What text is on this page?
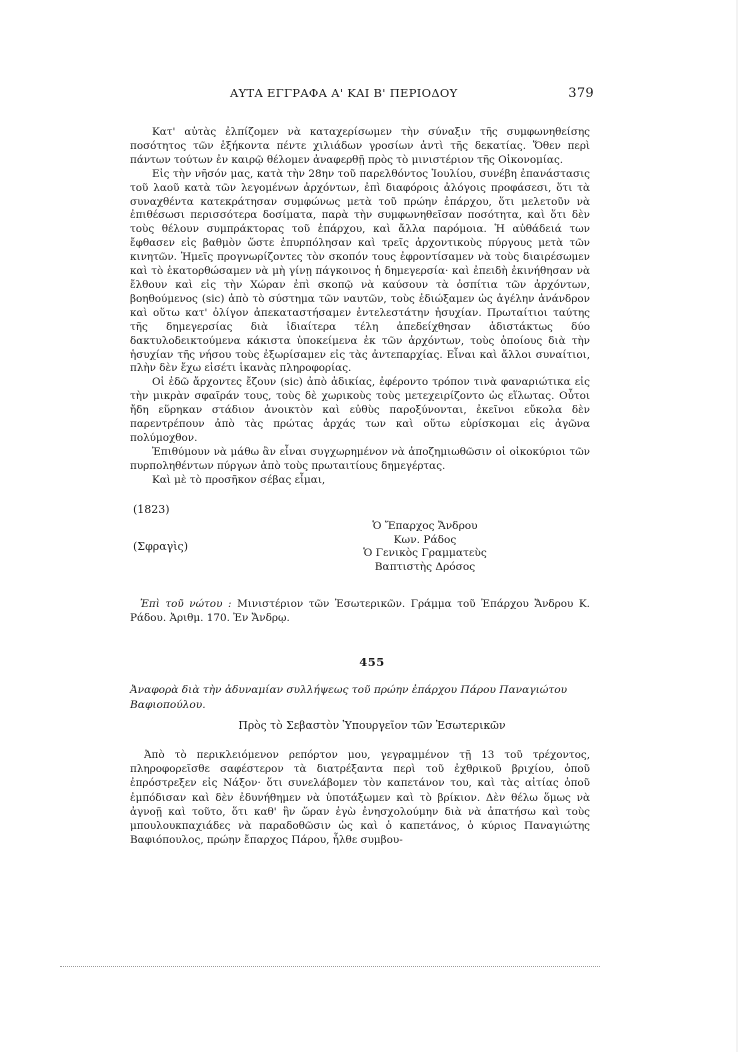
ΑΥΤΑ ΕΓΓΡΑΦΑ Α' ΚΑΙ Β' ΠΕΡΙΟΔΟΥ	379

Κατ' αὐτὰς ἐλπίζομεν νὰ καταχερίσωμεν τὴν σύναξιν τῆς συμφωνηθείσης ποσότητος τῶν ἑξήκοντα πέντε χιλιάδων γροσίων ἀντὶ τῆς δεκατίας. Ὅθεν περὶ πάντων τούτων ἐν καιρῷ θέλομεν ἀναφερθῇ πρὸς τὸ μινιστέριον τῆς Οἰκονομίας.

Εἰς τὴν νῆσόν μας, κατὰ τὴν 28ην τοῦ παρελθόντος Ἰουλίου, συνέβη ἐπανάστασις τοῦ λαοῦ κατὰ τῶν λεγομένων ἀρχόντων, ἐπὶ διαφόροις ἀλόγοις προφάσεσι, ὅτι τὰ συναχθέντα κατεκράτησαν συμφώνως μετὰ τοῦ πρώην ἐπάρχου, ὅτι μελετοῦν νὰ ἐπιθέσωσι περισσότερα δοσίματα, παρὰ τὴν συμφωνηθεῖσαν ποσότητα, καὶ ὅτι δὲν τοὺς θέλουν συμπράκτορας τοῦ ἐπάρχου, καὶ ἄλλα παρόμοια. Ἡ αὐθάδειά των ἔφθασεν εἰς βαθμὸν ὥστε ἐπυρπόλησαν καὶ τρεῖς ἀρχοντικοὺς πύργους μετὰ τῶν κινητῶν. Ἡμεῖς προγνωρίζοντες τὸν σκοπόν τους ἐφροντίσαμεν νὰ τοὺς διαιρέσωμεν καὶ τὸ ἑκατορθώσαμεν νὰ μὴ γίνῃ πάγκοινος ἡ δημεγερσία· καὶ ἐπειδὴ ἐκινήθησαν νὰ ἔλθουν καὶ εἰς τὴν Χώραν ἐπὶ σκοπῷ νὰ καύσουν τὰ ὀσπίτια τῶν ἀρχόντων, βοηθούμενος (sic) ἀπὸ τὸ σύστημα τῶν ναυτῶν, τοὺς ἐδιώξαμεν ὡς ἀγέλην ἀνάνδρον καὶ οὕτω κατ' ὀλίγον ἀπεκαταστήσαμεν ἐντελεστάτην ἡσυχίαν. Πρωταίτιοι ταύτης τῆς δημεγερσίας διὰ ἰδιαίτερα τέλη ἀπεδείχθησαν ἀδιστάκτως δύο δακτυλοδεικτούμενα κάκιστα ὑποκείμενα ἐκ τῶν ἀρχόντων, τοὺς ὁποίους διὰ τὴν ἡσυχίαν τῆς νήσου τοὺς ἐξωρίσαμεν εἰς τὰς ἀντεπαρχίας. Εἶναι καὶ ἄλλοι συναίτιοι, πλὴν δὲν ἔχω εἰσέτι ἱκανὰς πληροφορίας.

Οἱ ἐδῶ ἄρχοντες ἔζουν (sic) ἀπὸ ἀδικίας, ἐφέροντο τρόπον τινὰ φαναριώτικα εἰς τὴν μικρὰν σφαῖράν τους, τοὺς δὲ χωρικοὺς τοὺς μετεχειρίζοντο ὡς εἵλωτας. Οὗτοι ἤδη εὕρηκαν στάδιον ἀνοικτὸν καὶ εὐθὺς παροξύνονται, ἐκεῖνοι εὔκολα δὲν παρεντρέπουν ἀπὸ τὰς πρώτας ἀρχάς των καὶ οὕτω εὑρίσκομαι εἰς ἀγῶνα πολύμοχθον.

Ἐπιθύμουν νὰ μάθω ἂν εἶναι συγχωρημένον νὰ ἀποζημιωθῶσιν οἱ οἰκοκύριοι τῶν πυρποληθέντων πύργων ἀπὸ τοὺς πρωταιτίους δημεγέρτας.

Καὶ μὲ τὸ προσῆκον σέβας εἶμαι,

(1823)
(Σφραγὶς)
Ὁ Ἔπαρχος Ἄνδρου
Κων. Ράδος
Ὁ Γενικὸς Γραμματεὺς
Βαπτιστὴς Δρόσος
Ἐπὶ τοῦ νώτου : Μινιστέριον τῶν Ἐσωτερικῶν. Γράμμα τοῦ Ἐπάρχου Ἄνδρου Κ. Ράδου. Ἀριθμ. 170. Ἐν Ἄνδρῳ.
455
Ἀναφορὰ διὰ τὴν ἀδυναμίαν συλλήψεως τοῦ πρώην ἐπάρχου Πάρου Παναγιώτου Βαφιοπούλου.
Πρὸς τὸ Σεβαστὸν Ὑπουργεῖον τῶν Ἐσωτερικῶν

Ἀπὸ τὸ περικλειόμενον ρεπόρτον μου, γεγραμμένον τῇ 13 τοῦ τρέχοντος, πληροφορεῖσθε σαφέστερον τὰ διατρέξαντα περὶ τοῦ ἐχθρικοῦ βριχίου, ὁποῦ ἐπρόστρεξεν εἰς Νάξον· ὅτι συνελάβομεν τὸν καπετάνον του, καὶ τὰς αἰτίας ὁποῦ ἐμπόδισαν καὶ δὲν ἐδυνήθημεν νὰ ὑποτάξωμεν καὶ τὸ βρίκιον. Δὲν θέλω ὅμως νὰ ἀγνοῇ καὶ τοῦτο, ὅτι καθ' ἣν ὥραν ἐγὼ ἐνησχολούμην διὰ νὰ ἀπατήσω καὶ τοὺς μπουλουκπαχιάδες νὰ παραδοθῶσιν ὡς καὶ ὁ καπετάνος, ὁ κύριος Παναγιώτης Βαφιόπουλος, πρώην ἔπαρχος Πάρου, ἦλθε συμβου-
